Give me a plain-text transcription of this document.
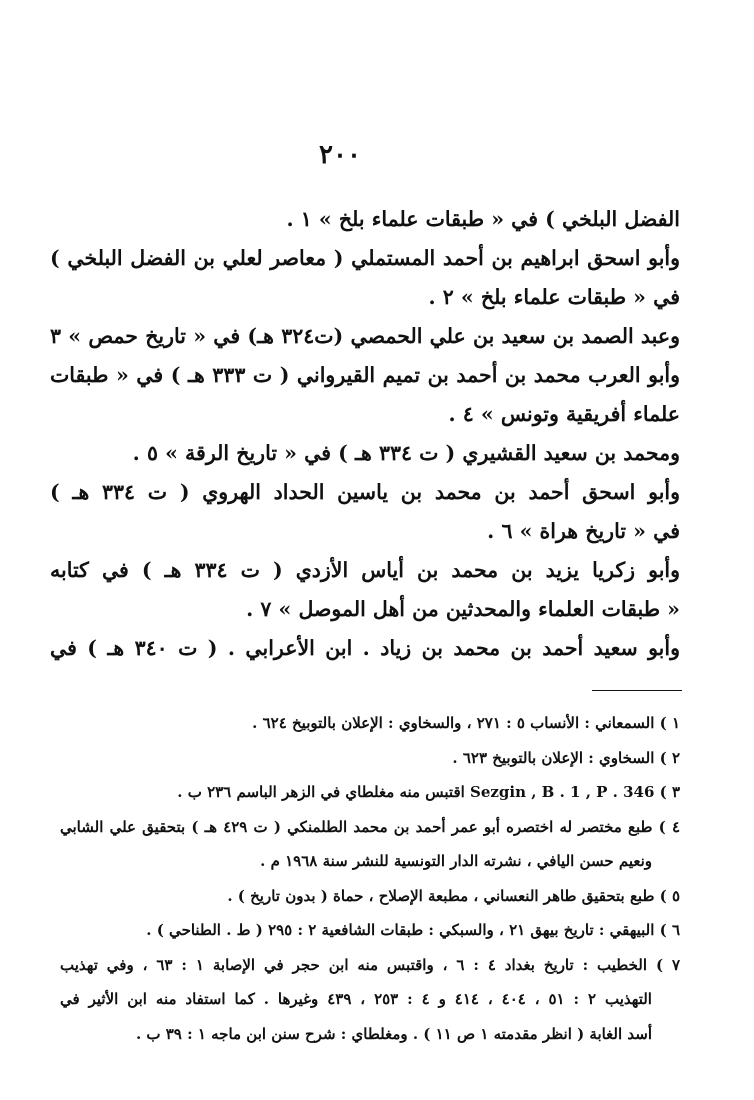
٢٠٠
الفضل البلخي ) في « طبقات علماء بلخ » ١ .
وأبو اسحق ابراهيم بن أحمد المستملي ( معاصر لعلي بن الفضل البلخي )
في « طبقات علماء بلخ » ٢ .
وعبد الصمد بن سعيد بن علي الحمصي (ت٣٢٤ هـ) في « تاريخ حمص » ٣
وأبو العرب محمد بن أحمد بن تميم القيرواني ( ت ٣٣٣ هـ ) في « طبقات
علماء أفريقية وتونس » ٤ .
ومحمد بن سعيد القشيري ( ت ٣٣٤ هـ ) في « تاريخ الرقة » ٥ .
وأبو اسحق أحمد بن محمد بن ياسين الحداد الهروي ( ت ٣٣٤ هـ )
في « تاريخ هراة » ٦ .
وأبو زكريا يزيد بن محمد بن أياس الأزدي ( ت ٣٣٤ هـ ) في كتابه
« طبقات العلماء والمحدثين من أهل الموصل » ٧ .
وأبو سعيد أحمد بن محمد بن زياد . ابن الأعرابي . ( ت ٣٤٠ هـ ) في
١ ) السمعاني : الأنساب ٥ : ٢٧١ ، والسخاوي : الإعلان بالتوبيخ ٦٢٤ .
٢ ) السخاوي : الإعلان بالتوبيخ ٦٢٣ .
٣ ) Sezgin , B . 1 , P . 346 اقتبس منه مغلطاي في الزهر الباسم ٢٣٦ ب .
٤ ) طبع مختصر له اختصره أبو عمر أحمد بن محمد الطلمنكي ( ت ٤٢٩ هـ ) بتحقيق علي الشابي
ونعيم حسن اليافي ، نشرته الدار التونسية للنشر سنة ١٩٦٨ م .
٥ ) طبع بتحقيق طاهر النعساني ، مطبعة الإصلاح ، حماة ( بدون تاريخ ) .
٦ ) البيهقي : تاريخ بيهق ٢١ ، والسبكي : طبقات الشافعية ٢ : ٢٩٥ ( ط . الطناحي ) .
٧ ) الخطيب : تاريخ بغداد ٤ : ٦ ، واقتبس منه ابن حجر في الإصابة ١ : ٦٣ ، وفي تهذيب
التهذيب ٢ : ٥١ ، ٤٠٤ ، ٤١٤ و ٤ : ٢٥٣ ، ٤٣٩ وغيرها . كما استفاد منه ابن الأثير في
أسد الغابة ( انظر مقدمته ١ ص ١١ ) . ومغلطاي : شرح سنن ابن ماجه ١ : ٣٩ ب .
